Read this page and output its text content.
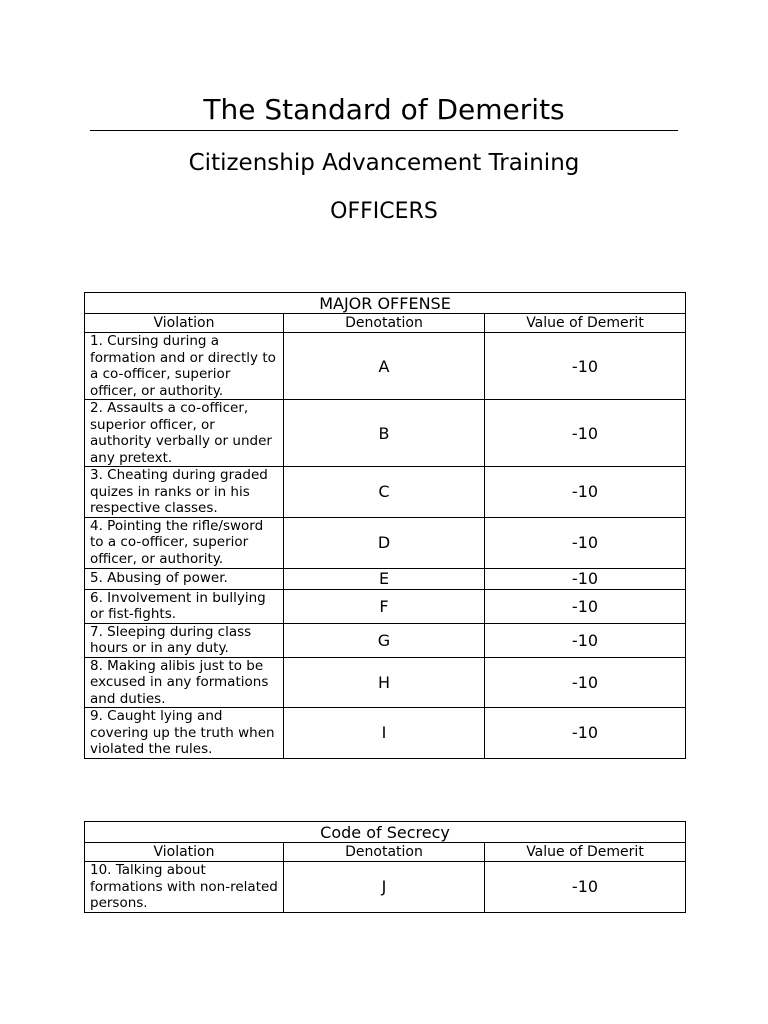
The Standard of Demerits
Citizenship Advancement Training
OFFICERS
MAJOR OFFENSE		
Violation	Denotation	Value of Demerit
1. Cursing during a formation and or directly to a co-officer, superior officer, or authority.	A	-10
2. Assaults a co-officer, superior officer, or authority verbally or under any pretext.	B	-10
3. Cheating during graded quizes in ranks or in his respective classes.	C	-10
4. Pointing the rifle/sword to a co-officer, superior officer, or authority.	D	-10
5. Abusing of power.	E	-10
6. Involvement in bullying or fist-fights.	F	-10
7. Sleeping during class hours or in any duty.	G	-10
8. Making alibis just to be excused in any formations and duties.	H	-10
9. Caught lying and covering up the truth when violated the rules.	I	-10
Code of Secrecy		
Violation	Denotation	Value of Demerit
10. Talking about formations with non-related persons.	J	-10
